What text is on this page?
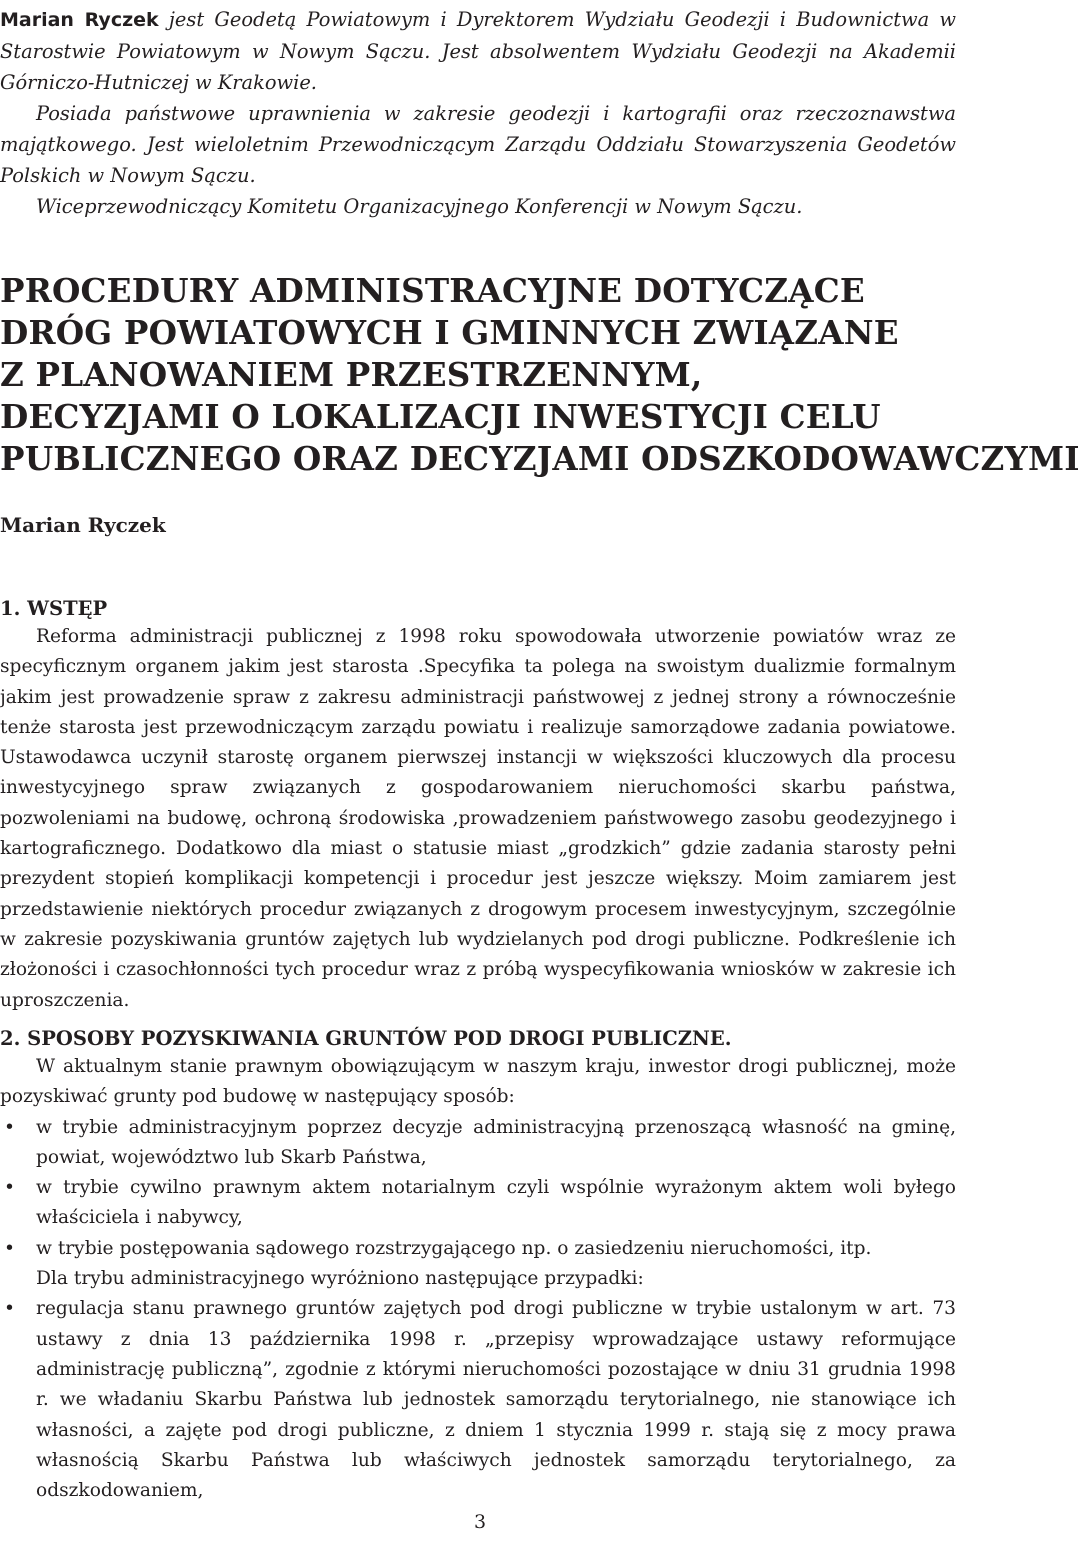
Marian Ryczek jest Geodetą Powiatowym i Dyrektorem Wydziału Geodezji i Budownictwa w Starostwie Powiatowym w Nowym Sączu. Jest absolwentem Wydziału Geodezji na Akademii Górniczo-Hutniczej w Krakowie.

Posiada państwowe uprawnienia w zakresie geodezji i kartografii oraz rzeczoznawstwa majątkowego. Jest wieloletnim Przewodniczącym Zarządu Oddziału Stowarzyszenia Geodetów Polskich w Nowym Sączu.

Wiceprzewodniczący Komitetu Organizacyjnego Konferencji w Nowym Sączu.

PROCEDURY ADMINISTRACYJNE DOTYCZĄCE
DRÓG POWIATOWYCH I GMINNYCH ZWIĄZANE
Z PLANOWANIEM PRZESTRZENNYM,
DECYZJAMI O LOKALIZACJI INWESTYCJI CELU
PUBLICZNEGO ORAZ DECYZJAMI ODSZKODOWAWCZYMI
Marian Ryczek
1. WSTĘP

Reforma administracji publicznej z 1998 roku spowodowała utworzenie powiatów wraz ze specyficznym organem jakim jest starosta .Specyfika ta polega na swoistym dualizmie formalnym jakim jest prowadzenie spraw z zakresu administracji państwowej z jednej strony a równocześnie tenże starosta jest przewodniczącym zarządu powiatu i realizuje samorządowe zadania powiatowe. Ustawodawca uczynił starostę organem pierwszej instancji w większości kluczowych dla procesu inwestycyjnego spraw związanych z gospodarowaniem nieruchomości skarbu państwa, pozwoleniami na budowę, ochroną środowiska ,prowadzeniem państwowego zasobu geodezyjnego i kartograficznego. Dodatkowo dla miast o statusie miast „grodzkich” gdzie zadania starosty pełni prezydent stopień komplikacji kompetencji i procedur jest jeszcze większy. Moim zamiarem jest przedstawienie niektórych procedur związanych z drogowym procesem inwestycyjnym, szczególnie w zakresie pozyskiwania gruntów zajętych lub wydzielanych pod drogi publiczne. Podkreślenie ich złożoności i czasochłonności tych procedur wraz z próbą wyspecyfikowania wniosków w zakresie ich uproszczenia.

2. SPOSOBY POZYSKIWANIA GRUNTÓW POD DROGI PUBLICZNE.

W aktualnym stanie prawnym obowiązującym w naszym kraju, inwestor drogi publicznej, może pozyskiwać grunty pod budowę w następujący sposób:

• w trybie administracyjnym poprzez decyzje administracyjną przenoszącą własność na gminę, powiat, województwo lub Skarb Państwa,
• w trybie cywilno prawnym aktem notarialnym czyli wspólnie wyrażonym aktem woli byłego właściciela i nabywcy,
• w trybie postępowania sądowego rozstrzygającego np. o zasiedzeniu nieruchomości, itp.

Dla trybu administracyjnego wyróżniono następujące przypadki:

• regulacja stanu prawnego gruntów zajętych pod drogi publiczne w trybie ustalonym w art. 73 ustawy z dnia 13 października 1998 r. „przepisy wprowadzające ustawy reformujące administrację publiczną”, zgodnie z którymi nieruchomości pozostające w dniu 31 grudnia 1998 r. we władaniu Skarbu Państwa lub jednostek samorządu terytorialnego, nie stanowiące ich własności, a zajęte pod drogi publiczne, z dniem 1 stycznia 1999 r. stają się z mocy prawa własnością Skarbu Państwa lub właściwych jednostek samorządu terytorialnego, za odszkodowaniem,
3
